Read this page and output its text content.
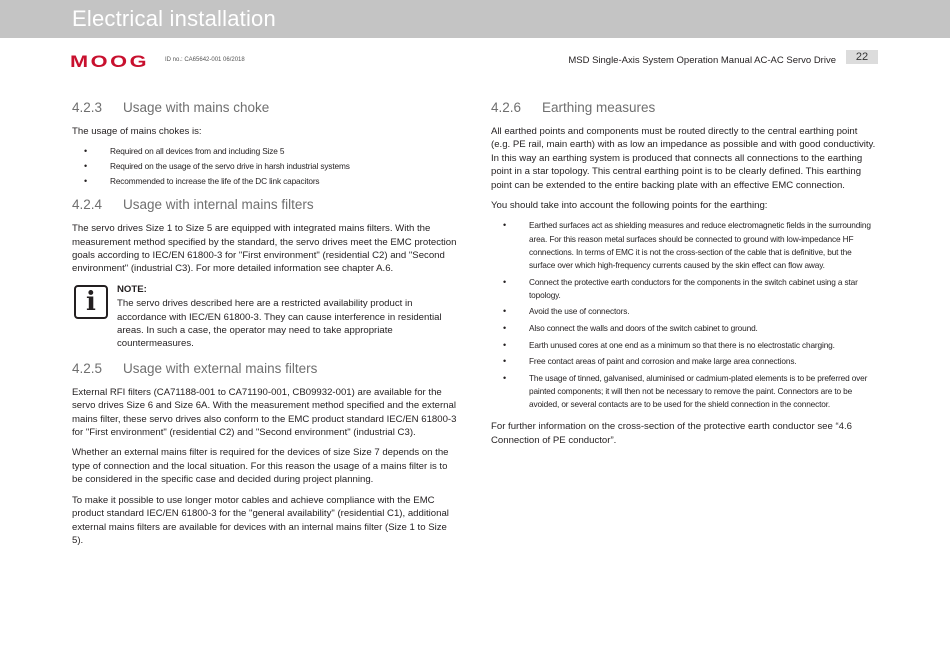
Electrical installation
MOOG	ID no.: CA65642-001 06/2018	MSD Single-Axis System Operation Manual AC-AC Servo Drive	22
4.2.3 Usage with mains choke

The usage of mains chokes is:

• Required on all devices from and including Size 5
• Required on the usage of the servo drive in harsh industrial systems
• Recommended to increase the life of the DC link capacitors
4.2.4 Usage with internal mains filters

The servo drives Size 1 to Size 5 are equipped with integrated mains filters. With the measurement method specified by the standard, the servo drives meet the EMC protection goals according to IEC/EN 61800-3 for "First environment" (residential C2) and "Second environment" (industrial C3). For more detailed information see chapter A.6.

i	NOTE:

The servo drives described here are a restricted availability product in accordance with IEC/EN 61800-3. They can cause interference in residential areas. In such a case, the operator may need to take appropriate countermeasures.

4.2.5 Usage with external mains filters

External RFI filters (CA71188-001 to CA71190-001, CB09932-001) are available for the servo drives Size 6 and Size 6A. With the measurement method specified and the external mains filter, these servo drives also conform to the EMC product standard IEC/EN 61800-3 for "First environment" (residential C2) and "Second environment" (industrial C3).

Whether an external mains filter is required for the devices of size Size 7 depends on the type of connection and the local situation. For this reason the usage of a mains filter is to be considered in the specific case and decided during project planning.

To make it possible to use longer motor cables and achieve compliance with the EMC product standard IEC/EN 61800-3 for the "general availability" (residential C1), additional external mains filters are available for devices with an internal mains filter (Size 1 to Size 5).

4.2.6 Earthing measures

All earthed points and components must be routed directly to the central earthing point (e.g. PE rail, main earth) with as low an impedance as possible and with good conductivity. In this way an earthing system is produced that connects all connections to the earthing point in a star topology. This central earthing point is to be clearly defined. This earthing point can be extended to the entire backing plate with an effective EMC connection.

You should take into account the following points for the earthing:

• Earthed surfaces act as shielding measures and reduce electromagnetic fields in the surrounding area. For this reason metal surfaces should be connected to ground with low-impedance HF connections. In terms of EMC it is not the cross-section of the cable that is definitive, but the surface over which high-frequency currents caused by the skin effect can flow away.
• Connect the protective earth conductors for the components in the switch cabinet using a star topology.
• Avoid the use of connectors.
• Also connect the walls and doors of the switch cabinet to ground.
• Earth unused cores at one end as a minimum so that there is no electrostatic charging.
• Free contact areas of paint and corrosion and make large area connections.
• The usage of tinned, galvanised, aluminised or cadmium-plated elements is to be preferred over painted components; it will then not be necessary to remove the paint. Connectors are to be avoided, or several contacts are to be used for the shield connection in the connector.

For further information on the cross-section of the protective earth conductor see “4.6 Connection of PE conductor”.
